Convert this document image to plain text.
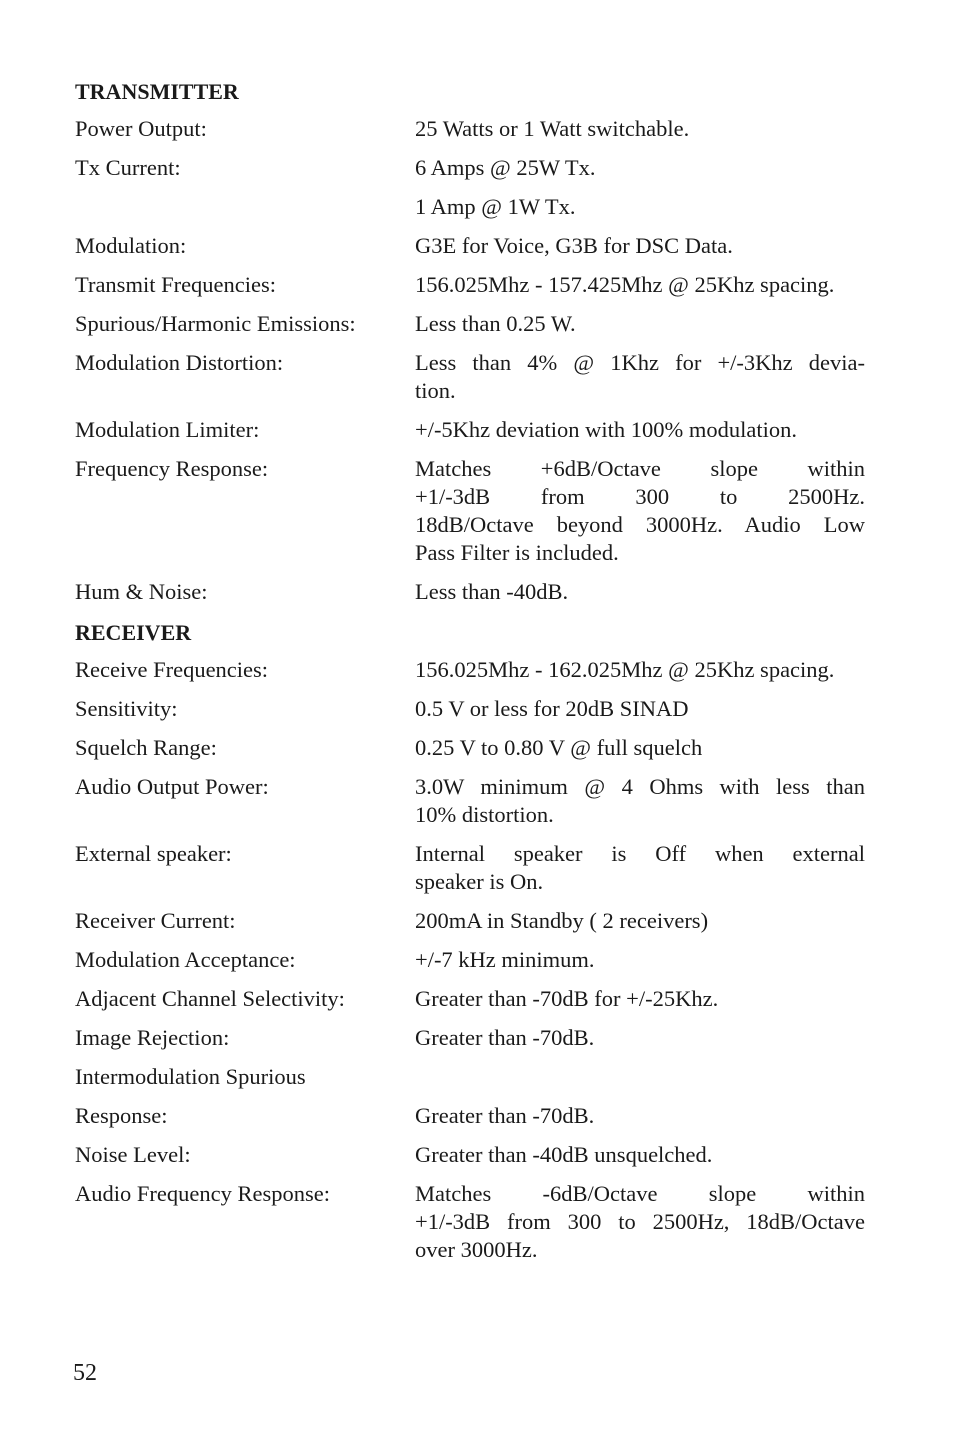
TRANSMITTER
Power Output:	25 Watts or 1 Watt switchable.
Tx Current:	6 Amps @ 25W Tx.
1 Amp @ 1W Tx.
Modulation:	G3E for Voice, G3B for DSC Data.
Transmit Frequencies:	156.025Mhz - 157.425Mhz @ 25Khz spacing.
Spurious/Harmonic Emissions:	Less than 0.25 W.
Modulation Distortion:	Less than 4% @ 1Khz for +/-3Khz devia-
tion.
Modulation Limiter:	+/-5Khz deviation with 100% modulation.
Frequency Response:	Matches +6dB/Octave slope within
+1/-3dB from 300 to 2500Hz.
18dB/Octave beyond 3000Hz. Audio Low
Pass Filter is included.
Hum & Noise:	Less than -40dB.
RECEIVER
Receive Frequencies:	156.025Mhz - 162.025Mhz @ 25Khz spacing.
Sensitivity:	0.5 V or less for 20dB SINAD
Squelch Range:	0.25 V to 0.80 V @ full squelch
Audio Output Power:	3.0W minimum @ 4 Ohms with less than
10% distortion.
External speaker:	Internal speaker is Off when external
speaker is On.
Receiver Current:	200mA in Standby ( 2 receivers)
Modulation Acceptance:	+/-7 kHz minimum.
Adjacent Channel Selectivity:	Greater than -70dB for +/-25Khz.
Image Rejection:	Greater than -70dB.
Intermodulation Spurious

Response:	Greater than -70dB.
Noise Level:	Greater than -40dB unsquelched.
Audio Frequency Response:	Matches -6dB/Octave slope within
+1/-3dB from 300 to 2500Hz, 18dB/Octave
over 3000Hz.
52
